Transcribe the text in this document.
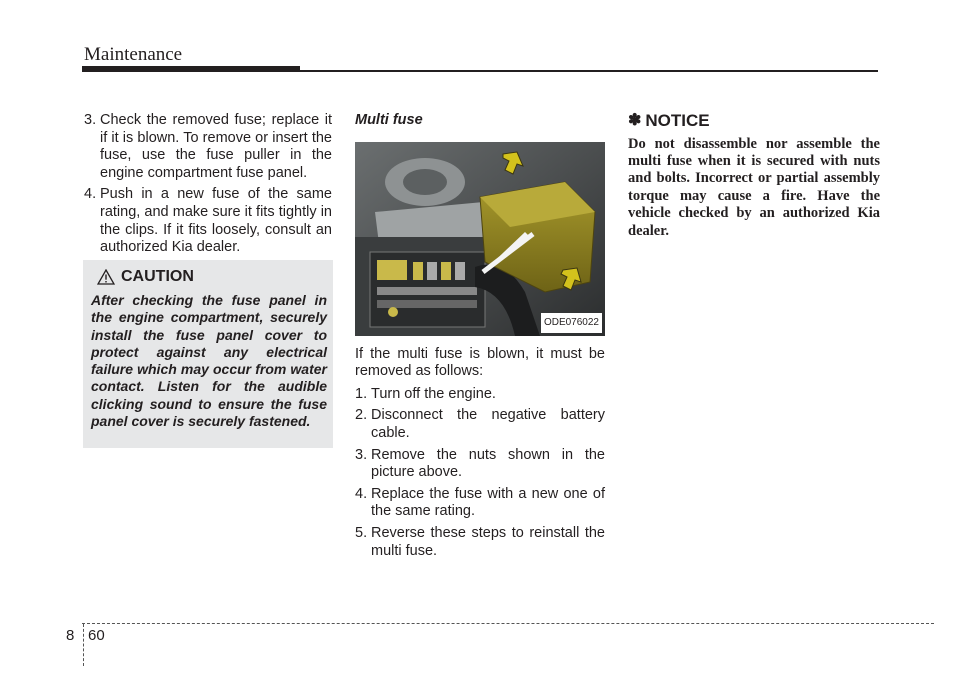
Maintenance
3. Check the removed fuse; replace it if it is blown. To remove or insert the fuse, use the fuse puller in the engine compartment fuse panel.
4. Push in a new fuse of the same rating, and make sure it fits tightly in the clips. If it fits loosely, consult an authorized Kia dealer.
CAUTION
After checking the fuse panel in the engine compartment, securely install the fuse panel cover to protect against any electrical failure which may occur from water contact. Listen for the audible clicking sound to ensure the fuse panel cover is securely fastened.
Multi fuse
ODE076022
If the multi fuse is blown, it must be removed as follows:
1. Turn off the engine.
2. Disconnect the negative battery cable.
3. Remove the nuts shown in the picture above.
4. Replace the fuse with a new one of the same rating.
5. Reverse these steps to reinstall the multi fuse.
✽ NOTICE
Do not disassemble nor assemble the multi fuse when it is secured with nuts and bolts. Incorrect or partial assembly torque may cause a fire. Have the vehicle checked by an authorized Kia dealer.
8 60
